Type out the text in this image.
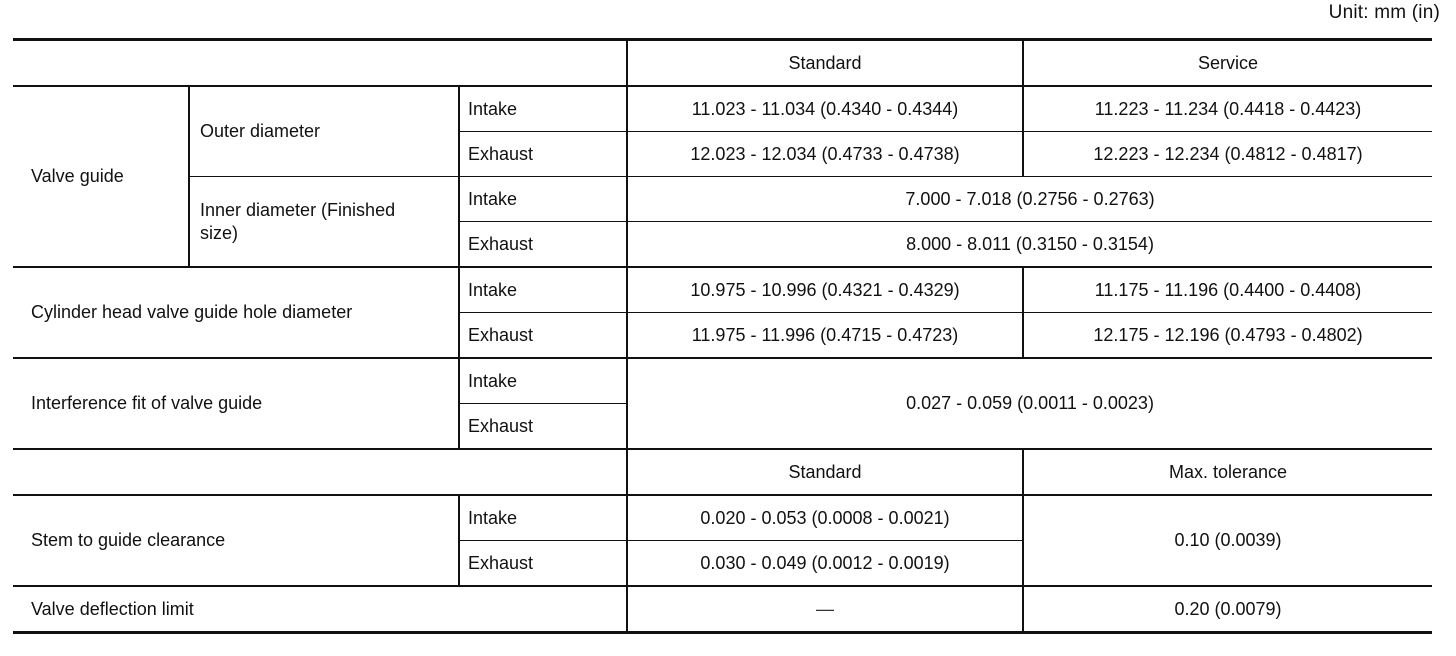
Unit: mm (in)
			Standard	Service
Valve guide	Outer diameter	Intake	11.023 - 11.034 (0.4340 - 0.4344)	11.223 - 11.234 (0.4418 - 0.4423)
		Exhaust	12.023 - 12.034 (0.4733 - 0.4738)	12.223 - 12.234 (0.4812 - 0.4817)
	Inner diameter (Finished size)	Intake	7.000 - 7.018 (0.2756 - 0.2763)	
		Exhaust	8.000 - 8.011 (0.3150 - 0.3154)	
Cylinder head valve guide hole diameter		Intake	10.975 - 10.996 (0.4321 - 0.4329)	11.175 - 11.196 (0.4400 - 0.4408)
		Exhaust	11.975 - 11.996 (0.4715 - 0.4723)	12.175 - 12.196 (0.4793 - 0.4802)
Interference fit of valve guide		Intake	0.027 - 0.059 (0.0011 - 0.0023)	
		Exhaust		
			Standard	Max. tolerance
Stem to guide clearance		Intake	0.020 - 0.053 (0.0008 - 0.0021)	0.10 (0.0039)
		Exhaust	0.030 - 0.049 (0.0012 - 0.0019)	
Valve deflection limit			—	0.20 (0.0079)
